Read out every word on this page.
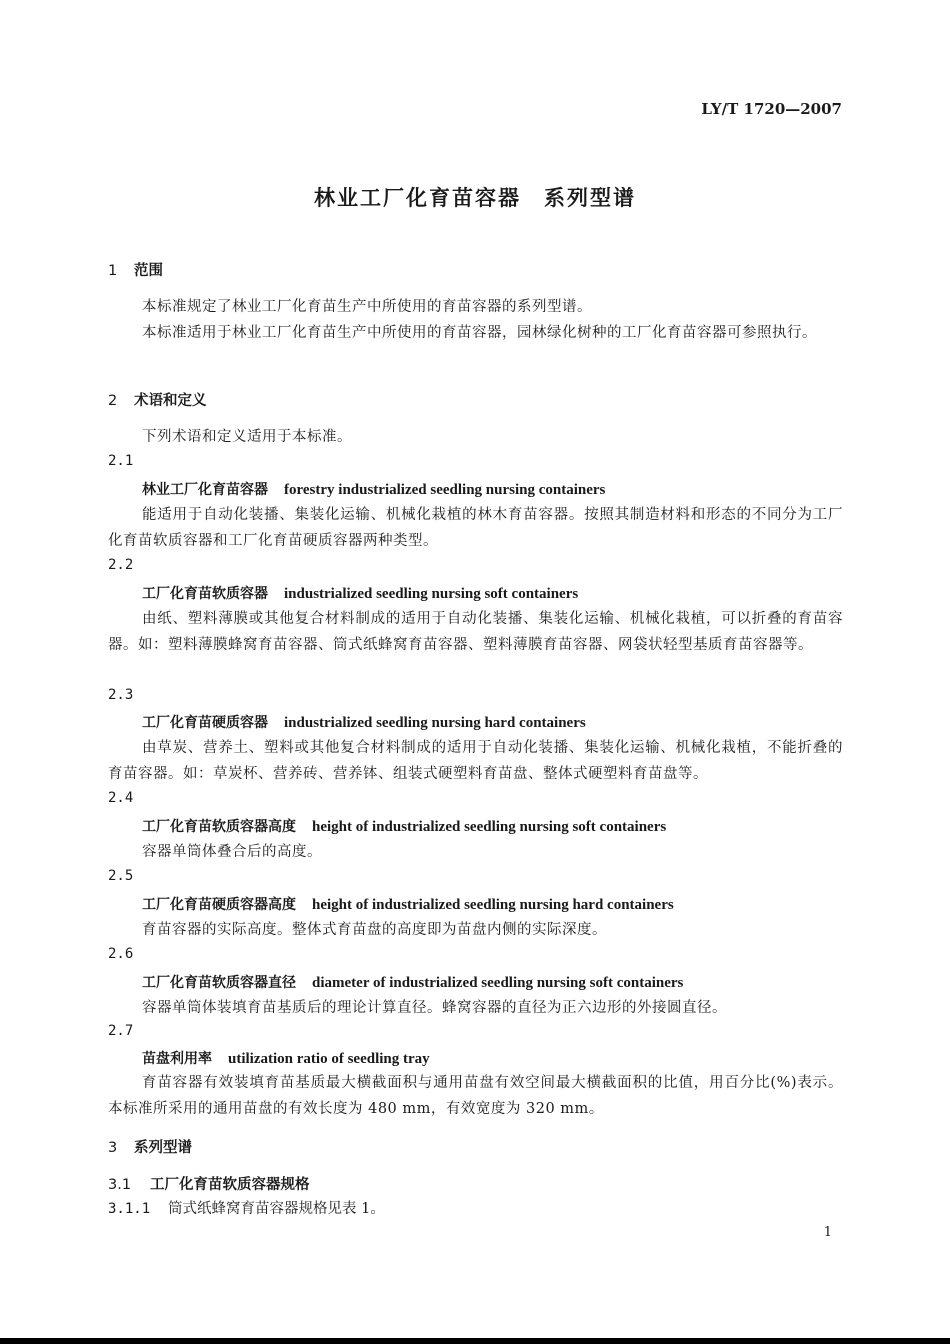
LY/T 1720—2007
林业工厂化育苗容器　系列型谱
1 范围
本标准规定了林业工厂化育苗生产中所使用的育苗容器的系列型谱。
本标准适用于林业工厂化育苗生产中所使用的育苗容器，园林绿化树种的工厂化育苗容器可参照执行。
2 术语和定义
下列术语和定义适用于本标准。
2.1
林业工厂化育苗容器 forestry industrialized seedling nursing containers
能适用于自动化装播、集装化运输、机械化栽植的林木育苗容器。按照其制造材料和形态的不同分为工厂化育苗软质容器和工厂化育苗硬质容器两种类型。
2.2
工厂化育苗软质容器 industrialized seedling nursing soft containers
由纸、塑料薄膜或其他复合材料制成的适用于自动化装播、集装化运输、机械化栽植，可以折叠的育苗容器。如：塑料薄膜蜂窝育苗容器、筒式纸蜂窝育苗容器、塑料薄膜育苗容器、网袋状轻型基质育苗容器等。
2.3
工厂化育苗硬质容器 industrialized seedling nursing hard containers
由草炭、营养土、塑料或其他复合材料制成的适用于自动化装播、集装化运输、机械化栽植，不能折叠的育苗容器。如：草炭杯、营养砖、营养钵、组装式硬塑料育苗盘、整体式硬塑料育苗盘等。
2.4
工厂化育苗软质容器高度 height of industrialized seedling nursing soft containers
容器单筒体叠合后的高度。
2.5
工厂化育苗硬质容器高度 height of industrialized seedling nursing hard containers
育苗容器的实际高度。整体式育苗盘的高度即为苗盘内侧的实际深度。
2.6
工厂化育苗软质容器直径 diameter of industrialized seedling nursing soft containers
容器单筒体装填育苗基质后的理论计算直径。蜂窝容器的直径为正六边形的外接圆直径。
2.7
苗盘利用率 utilization ratio of seedling tray
育苗容器有效装填育苗基质最大横截面积与通用苗盘有效空间最大横截面积的比值，用百分比(%)表示。本标准所采用的通用苗盘的有效长度为 480 mm，有效宽度为 320 mm。
3 系列型谱
3.1 工厂化育苗软质容器规格
3.1.1 筒式纸蜂窝育苗容器规格见表 1。
1
